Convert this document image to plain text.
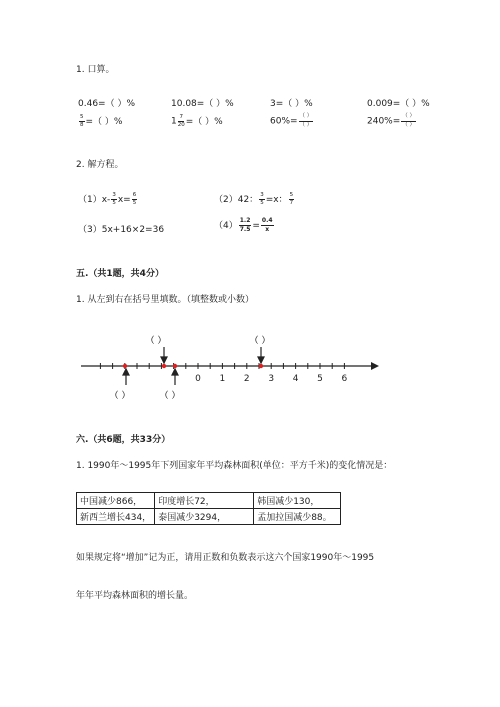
1. 口算。
0.46=（ ）%	10.08=（ ）%	3=（ ）%	0.009=（ ）%
$\frac{5}{8}$ =（ ）%	$1 \frac{7}{20}$ =（ ）%	$60\%= \frac{( )}{( )}$	$240\%= \frac{( )}{( )}$
2. 解方程。
$(1)x- \frac{3}{5} x= \frac{6}{5}$	（2）42： $\frac{3}{5} =x$： $\frac{5}{7}$
（3）5x+16×2=36	$(4) \frac{1.2}{7.5} = \frac{0.4}{x}$
五.（共1题，共4分）
1. 从左到右在括号里填数。（填整数或小数）
0 1 2 3 4 5 6
（ ）	（ ）
（ ）	（ ）
六.（共6题，共33分）
1. 1990年～1995年下列国家年平均森林面积(单位：平方千米)的变化情况是：
中国减少866，	印度增长72，	韩国减少130，
新西兰增长434，	泰国减少3294，	孟加拉国减少88。
如果规定将“增加”记为正，请用正数和负数表示这六个国家1990年～1995
年年平均森林面积的增长量。
